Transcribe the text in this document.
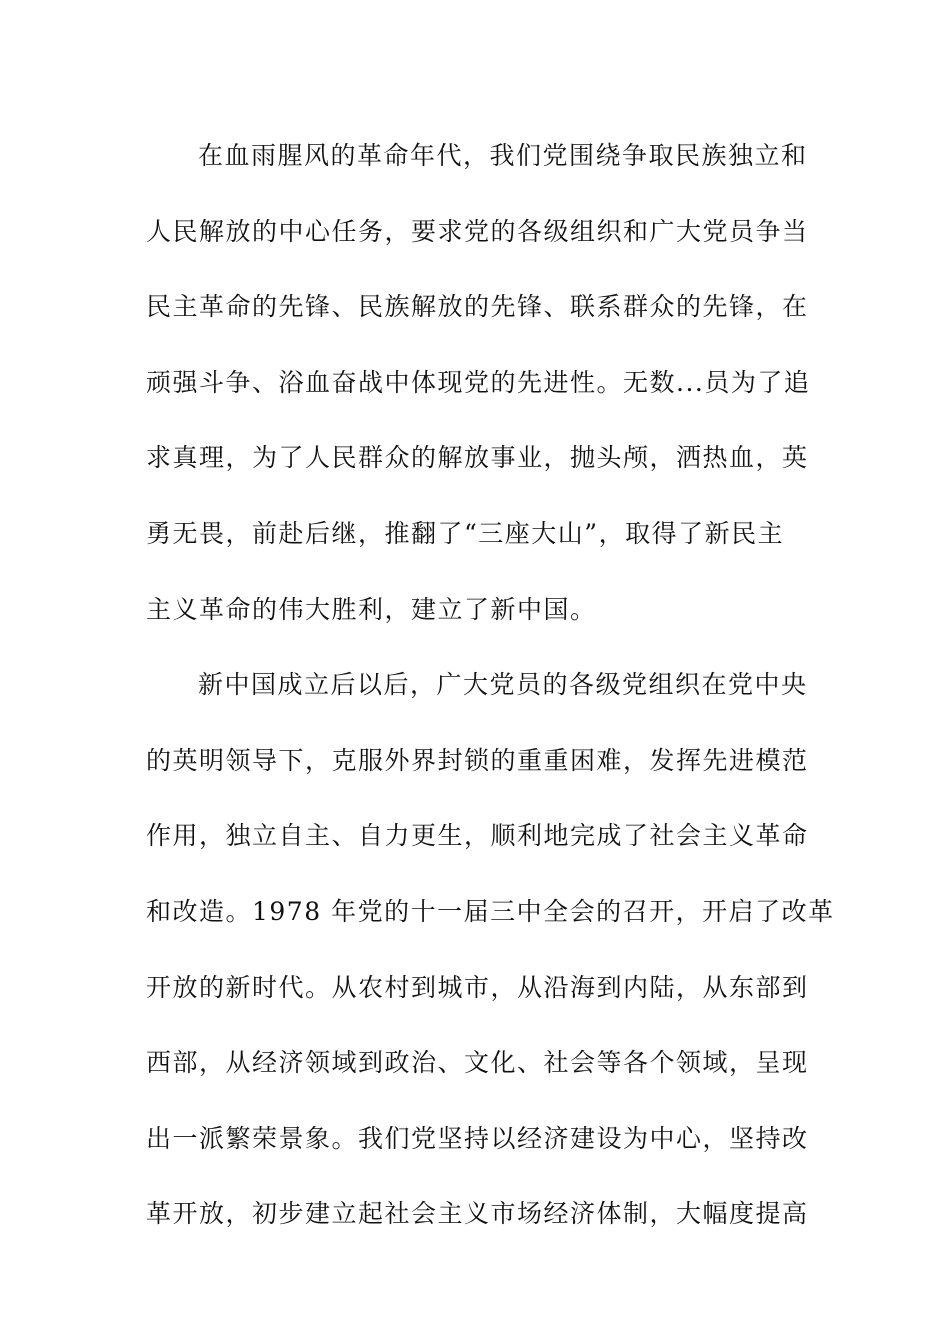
在血雨腥风的革命年代，我们党围绕争取民族独立和
人民解放的中心任务，要求党的各级组织和广大党员争当
民主革命的先锋、民族解放的先锋、联系群众的先锋，在
顽强斗争、浴血奋战中体现党的先进性。无数...员为了追
求真理，为了人民群众的解放事业，抛头颅，洒热血，英
勇无畏，前赴后继，推翻了“三座大山”，取得了新民主
主义革命的伟大胜利，建立了新中国。
新中国成立后以后，广大党员的各级党组织在党中央
的英明领导下，克服外界封锁的重重困难，发挥先进模范
作用，独立自主、自力更生，顺利地完成了社会主义革命
和改造。1978 年党的十一届三中全会的召开，开启了改革
开放的新时代。从农村到城市，从沿海到内陆，从东部到
西部，从经济领域到政治、文化、社会等各个领域，呈现
出一派繁荣景象。我们党坚持以经济建设为中心，坚持改
革开放，初步建立起社会主义市场经济体制，大幅度提高
